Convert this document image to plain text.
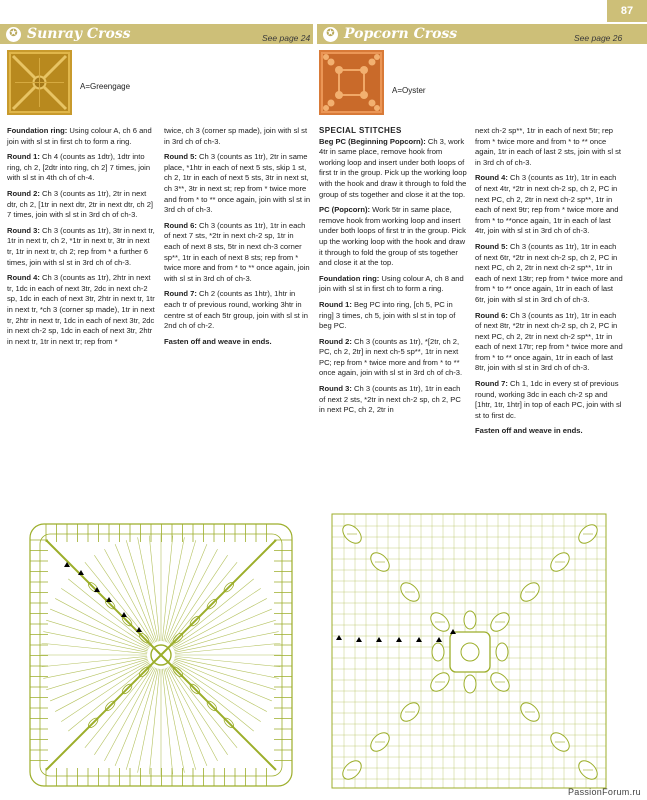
87
✪ Sunray Cross	See page 24	✪ Popcorn Cross	See page 26
A=Greengage	A=Oyster

Foundation ring: Using colour A, ch 6 and join with sl st in first ch to form a ring.

Round 1: Ch 4 (counts as 1dtr), 1dtr into ring, ch 2, [2dtr into ring, ch 2] 7 times, join with sl st in 4th ch of ch-4.

Round 2: Ch 3 (counts as 1tr), 2tr in next dtr, ch 2, [1tr in next dtr, 2tr in next dtr, ch 2] 7 times, join with sl st in 3rd ch of ch-3.

Round 3: Ch 3 (counts as 1tr), 3tr in next tr, 1tr in next tr, ch 2, *1tr in next tr, 3tr in next tr, 1tr in next tr, ch 2; rep from * a further 6 times, join with sl st in 3rd ch of ch-3.

Round 4: Ch 3 (counts as 1tr), 2htr in next tr, 1dc in each of next 3tr, 2dc in next ch-2 sp, 1dc in each of next 3tr, 2htr in next tr, 1tr in next tr, *ch 3 (corner sp made), 1tr in next tr, 2htr in next tr, 1dc in each of next 3tr, 2dc in next ch-2 sp, 1dc in each of next 3tr, 2htr in next tr, 1tr in next tr; rep from *

twice, ch 3 (corner sp made), join with sl st in 3rd ch of ch-3.

Round 5: Ch 3 (counts as 1tr), 2tr in same place, *1htr in each of next 5 sts, skip 1 st, ch 2, 1tr in each of next 5 sts, 3tr in next st, ch 3**, 3tr in next st; rep from * twice more and from * to ** once again, join with sl st in 3rd ch of ch-3.

Round 6: Ch 3 (counts as 1tr), 1tr in each of next 7 sts, *2tr in next ch-2 sp, 1tr in each of next 8 sts, 5tr in next ch-3 corner sp**, 1tr in each of next 8 sts; rep from * twice more and from * to ** once again, join with sl st in 3rd ch of ch-3.

Round 7: Ch 2 (counts as 1htr), 1htr in each tr of previous round, working 3htr in centre st of each 5tr group, join with sl st in 2nd ch of ch-2.

Fasten off and weave in ends.

SPECIAL STITCHES

Beg PC (Beginning Popcorn): Ch 3, work 4tr in same place, remove hook from working loop and insert under both loops of first tr in the group. Pick up the working loop with the hook and draw it through to fold the group of sts together and close it at the top.

PC (Popcorn): Work 5tr in same place, remove hook from working loop and insert under both loops of first tr in the group. Pick up the working loop with the hook and draw it through to fold the group of sts together and close it at the top.

Foundation ring: Using colour A, ch 8 and join with sl st in first ch to form a ring.

Round 1: Beg PC into ring, [ch 5, PC in ring] 3 times, ch 5, join with sl st in top of beg PC.

Round 2: Ch 3 (counts as 1tr), *[2tr, ch 2, PC, ch 2, 2tr] in next ch-5 sp**, 1tr in next PC; rep from * twice more and from * to ** once again, join with sl st in 3rd ch of ch-3.

Round 3: Ch 3 (counts as 1tr), 1tr in each of next 2 sts, *2tr in next ch-2 sp, ch 2, PC in next PC, ch 2, 2tr in

next ch-2 sp**, 1tr in each of next 5tr; rep from * twice more and from * to ** once again, 1tr in each of last 2 sts, join with sl st in 3rd ch of ch-3.

Round 4: Ch 3 (counts as 1tr), 1tr in each of next 4tr, *2tr in next ch-2 sp, ch 2, PC in next PC, ch 2, 2tr in next ch-2 sp**, 1tr in each of next 9tr; rep from * twice more and from * to **once again, 1tr in each of last 4tr, join with sl st in 3rd ch of ch-3.

Round 5: Ch 3 (counts as 1tr), 1tr in each of next 6tr, *2tr in next ch-2 sp, ch 2, PC in next PC, ch 2, 2tr in next ch-2 sp**, 1tr in each of next 13tr; rep from * twice more and from * to ** once again, 1tr in each of last 6tr, join with sl st in 3rd ch of ch-3.

Round 6: Ch 3 (counts as 1tr), 1tr in each of next 8tr, *2tr in next ch-2 sp, ch 2, PC in next PC, ch 2, 2tr in next ch-2 sp**, 1tr in each of next 17tr; rep from * twice more and from * to ** once again, 1tr in each of last 8tr, join with sl st in 3rd ch of ch-3.

Round 7: Ch 1, 1dc in every st of previous round, working 3dc in each ch-2 sp and [1htr, 1tr, 1htr] in top of each PC, join with sl st to first dc.

Fasten off and weave in ends.

PassionForum.ru
